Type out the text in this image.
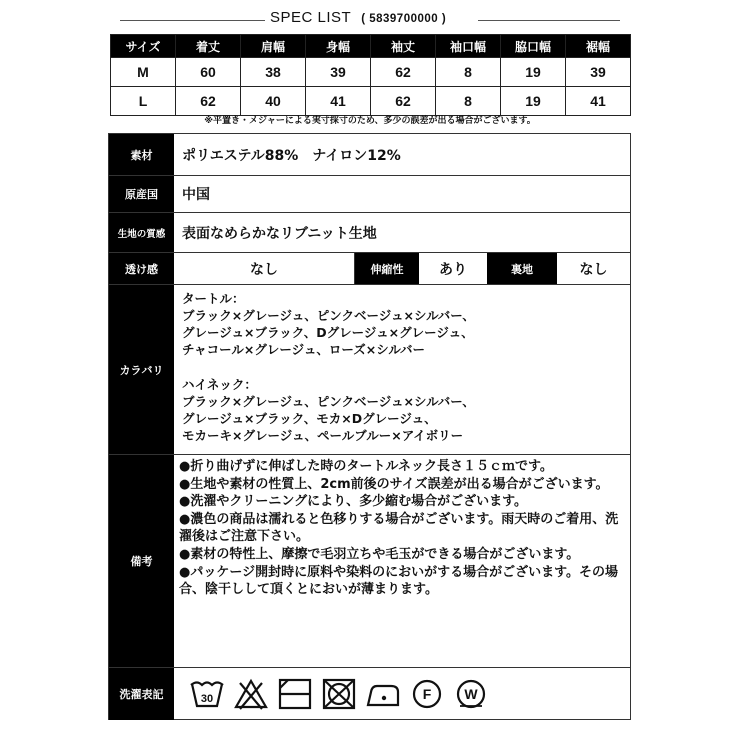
SPEC LIST ( 5839700000 )
サイズ	着丈	肩幅	身幅	袖丈	袖口幅	脇口幅	裾幅
M	60	38	39	62	8	19	39
L	62	40	41	62	8	19	41
※平置き・メジャーによる実寸採寸のため、多少の誤差が出る場合がございます。
素材	ポリエステル88%　ナイロン12%
原産国	中国
生地の質感	表面なめらかなリブニット生地
透け感	なし	伸縮性	あり	裏地	なし
カラバリ
タートル：
ブラック×グレージュ、ピンクベージュ×シルバー、
グレージュ×ブラック、Dグレージュ×グレージュ、
チャコール×グレージュ、ローズ×シルバー
ハイネック：
ブラック×グレージュ、ピンクベージュ×シルバー、
グレージュ×ブラック、モカ×Dグレージュ、
モカーキ×グレージュ、ペールブルー×アイボリー
備考
●折り曲げずに伸ばした時のタートルネック長さ１５ｃｍです。
●生地や素材の性質上、2cm前後のサイズ誤差が出る場合がございます。
●洗濯やクリーニングにより、多少縮む場合がございます。
●濃色の商品は濡れると色移りする場合がございます。雨天時のご着用、洗濯後はご注意下さい。
●素材の特性上、摩擦で毛羽立ちや毛玉ができる場合がございます。
●パッケージ開封時に原料や染料のにおいがする場合がございます。その場合、陰干しして頂くとにおいが薄まります。
洗濯表記	30	F W
